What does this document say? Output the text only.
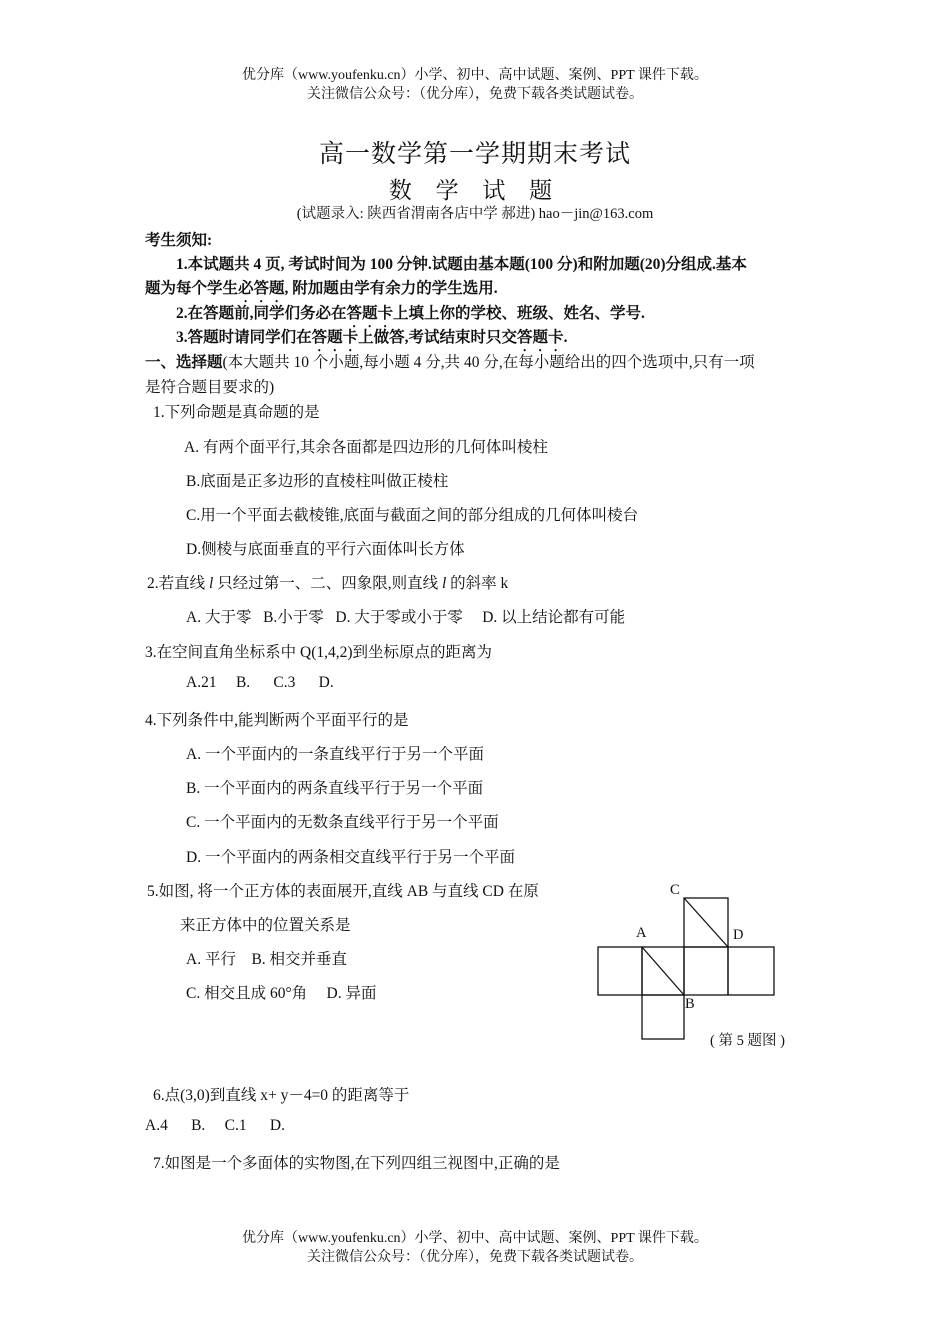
优分库（www.youfenku.cn）小学、初中、高中试题、案例、PPT 课件下载。
关注微信公众号：（优分库），免费下载各类试题试卷。
高一数学第一学期期末考试
数 学 试 题
(试题录入: 陕西省渭南各店中学 郝进) hao－jin@163.com
考生须知:
1.本试题共 4 页, 考试时间为 100 分钟.试题由基本题(100 分)和附加题(20)分组成.基本
题为每个学生必答题, 附加题由学有余力的学生选用.
2.在答题前,同学们务必在答题卡上填上你的学校、班级、姓名、学号.
3.答题时请同学们在答题卡上做答,考试结束时只交答题卡.
一、选择题(本大题共 10 个小题,每小题 4 分,共 40 分,在每小题给出的四个选项中,只有一项
是符合题目要求的)
1.下列命题是真命题的是
A. 有两个面平行,其余各面都是四边形的几何体叫棱柱
B.底面是正多边形的直棱柱叫做正棱柱
C.用一个平面去截棱锥,底面与截面之间的部分组成的几何体叫棱台
D.侧棱与底面垂直的平行六面体叫长方体
2.若直线 l 只经过第一、二、四象限,则直线 l 的斜率 k
A. 大于零   B.小于零   D. 大于零或小于零     D. 以上结论都有可能
3.在空间直角坐标系中 Q(1,4,2)到坐标原点的距离为
A.21     B.      C.3      D.
4.下列条件中,能判断两个平面平行的是
A. 一个平面内的一条直线平行于另一个平面
B. 一个平面内的两条直线平行于另一个平面
C. 一个平面内的无数条直线平行于另一个平面
D. 一个平面内的两条相交直线平行于另一个平面
5.如图, 将一个正方体的表面展开,直线 AB 与直线 CD 在原
来正方体中的位置关系是
A. 平行    B. 相交并垂直
C. 相交且成 60°角     D. 异面
C
A	D
B
( 第 5 题图 )
6.点(3,0)到直线 x+ y－4=0 的距离等于
A.4      B.     C.1      D.
7.如图是一个多面体的实物图,在下列四组三视图中,正确的是
优分库（www.youfenku.cn）小学、初中、高中试题、案例、PPT 课件下载。
关注微信公众号：（优分库），免费下载各类试题试卷。
